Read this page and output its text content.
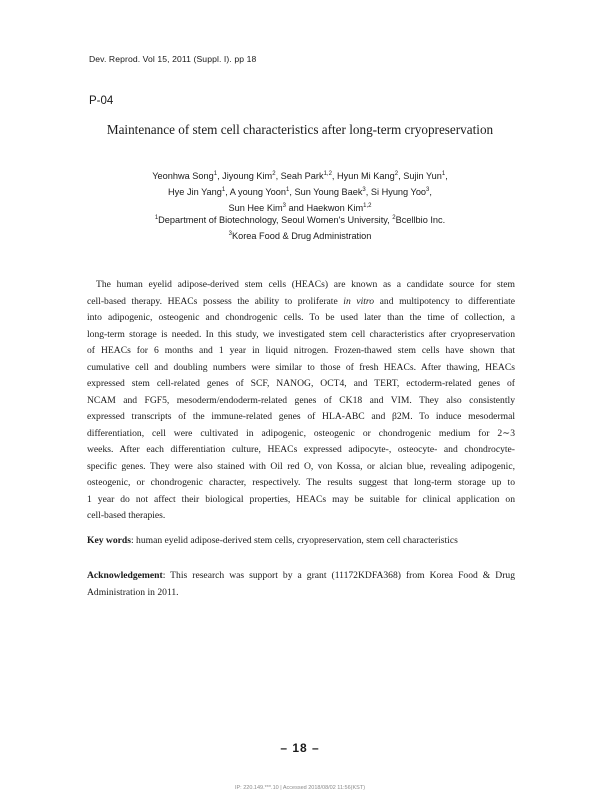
Dev. Reprod. Vol 15, 2011 (Suppl. I). pp 18
P-04
Maintenance of stem cell characteristics after long-term cryopreservation
Yeonhwa Song$^1$, Jiyoung Kim$^2$, Seah Park$^{1,2}$, Hyun Mi Kang$^2$, Sujin Yun$^1$,
Hye Jin Yang$^1$, A young Yoon$^1$, Sun Young Baek$^3$, Si Hyung Yoo$^3$,
Sun Hee Kim$^3$ and Haekwon Kim$^{1,2}$
$^1$Department of Biotechnology, Seoul Women's University, $^2$Bcellbio Inc.
$^3$Korea Food & Drug Administration
The human eyelid adipose-derived stem cells (HEACs) are known as a candidate source for stem
cell-based therapy. HEACs possess the ability to proliferate in vitro and multipotency to differentiate
into adipogenic, osteogenic and chondrogenic cells. To be used later than the time of collection, a
long-term storage is needed. In this study, we investigated stem cell characteristics after cryopreservation
of HEACs for 6 months and 1 year in liquid nitrogen. Frozen-thawed stem cells have shown that
cumulative cell and doubling numbers were similar to those of fresh HEACs. After thawing, HEACs
expressed stem cell-related genes of SCF, NANOG, OCT4, and TERT, ectoderm-related genes of
NCAM and FGF5, mesoderm/endoderm-related genes of CK18 and VIM. They also consistently
expressed transcripts of the immune-related genes of HLA-ABC and β2M. To induce mesodermal
differentiation, cell were cultivated in adipogenic, osteogenic or chondrogenic medium for 2∼3
weeks. After each differentiation culture, HEACs expressed adipocyte-, osteocyte- and chondrocyte-
specific genes. They were also stained with Oil red O, von Kossa, or alcian blue, revealing adipogenic,
osteogenic, or chondrogenic character, respectively. The results suggest that long-term storage up to
1 year do not affect their biological properties, HEACs may be suitable for clinical application on
cell-based therapies.
Key words: human eyelid adipose-derived stem cells, cryopreservation, stem cell characteristics
Acknowledgement: This research was support by a grant (11172KDFA368) from Korea Food & Drug
Administration in 2011.
– 18 –
IP: 220.149.***.10 | Accessed 2018/08/02 11:56(KST)
